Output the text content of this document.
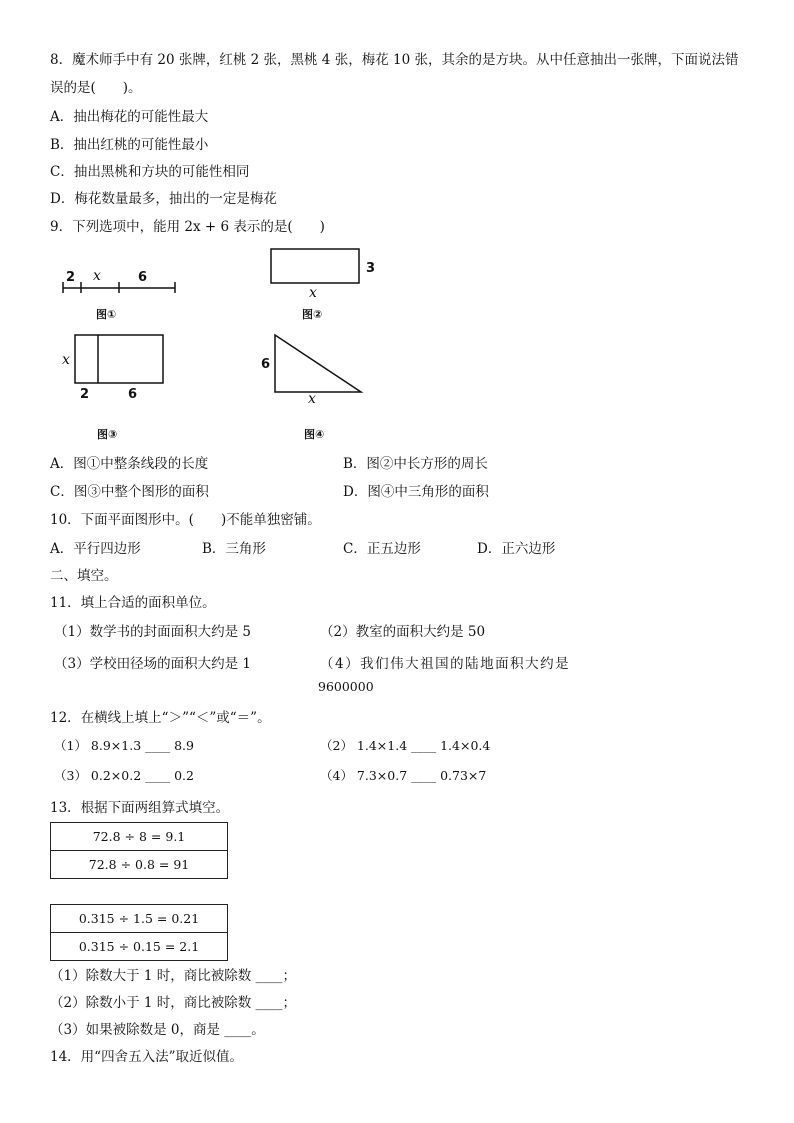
8．魔术师手中有 20 张牌，红桃 2 张，黑桃 4 张，梅花 10 张，其余的是方块。从中任意抽出一张牌，下面说法错
误的是(　　)。
A．抽出梅花的可能性最大
B．抽出红桃的可能性最小
C．抽出黑桃和方块的可能性相同
D．梅花数量最多，抽出的一定是梅花
9．下列选项中，能用 2x + 6 表示的是(　　)
2 x	6
图①
3
x
图②
x
2	6
图③
6
x
图④
A．图①中整条线段的长度	B．图②中长方形的周长
C．图③中整个图形的面积	D．图④中三角形的面积
10．下面平面图形中。(　　)不能单独密铺。
A．平行四边形	B．三角形	C．正五边形	D．正六边形
二、填空。
11．填上合适的面积单位。
（1）数学书的封面面积大约是 5	（2）教室的面积大约是 50
（3）学校田径场的面积大约是 1	（4）我们伟大祖国的陆地面积大约是
9600000
12．在横线上填上“＞”“＜”或“＝”。
（1） 8.9×1.3 ____ 8.9	（2） 1.4×1.4 ____ 1.4×0.4
（3） 0.2×0.2 ____ 0.2	（4） 7.3×0.7 ____ 0.73×7
13．根据下面两组算式填空。
72.8 ÷ 8 = 9.1
72.8 ÷ 0.8 = 91
0.315 ÷ 1.5 = 0.21
0.315 ÷ 0.15 = 2.1
（1）除数大于 1 时，商比被除数 ____；
（2）除数小于 1 时，商比被除数 ____；
（3）如果被除数是 0，商是 ____。
14．用“四舍五入法”取近似值。
